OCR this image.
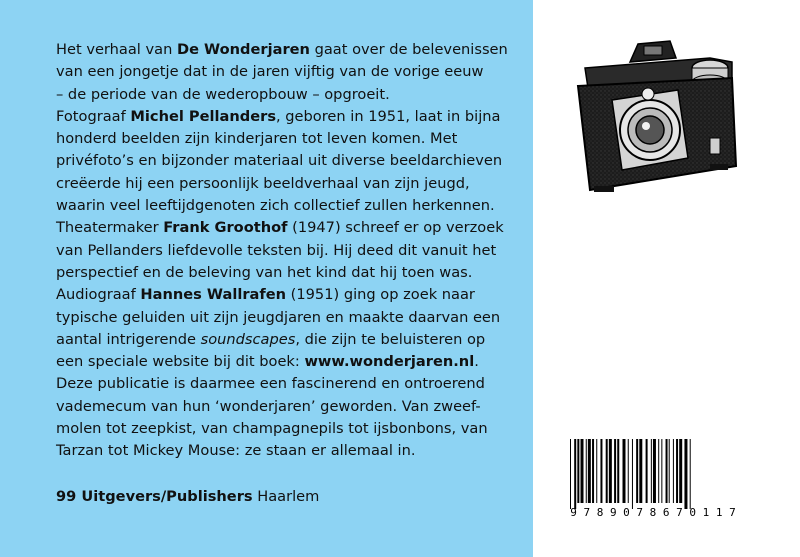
Het verhaal van De Wonderjaren gaat over de belevenissen
van een jongetje dat in de jaren vijftig van de vorige eeuw
– de periode van de wederopbouw – opgroeit.
Fotograaf Michel Pellanders, geboren in 1951, laat in bijna
honderd beelden zijn kinderjaren tot leven komen. Met
privéfoto’s en bijzonder materiaal uit diverse beeldarchieven
creëerde hij een persoonlijk beeldverhaal van zijn jeugd,
waarin veel leeftijdgenoten zich collectief zullen herkennen.
Theatermaker Frank Groothof (1947) schreef er op verzoek
van Pellanders liefdevolle teksten bij. Hij deed dit vanuit het
perspectief en de beleving van het kind dat hij toen was.
Audiograaf Hannes Wallrafen (1951) ging op zoek naar
typische geluiden uit zijn jeugdjaren en maakte daarvan een
aantal intrigerende soundscapes, die zijn te beluisteren op
een speciale website bij dit boek: www.wonderjaren.nl.
Deze publicatie is daarmee een fascinerend en ontroerend
vademecum van hun ‘wonderjaren’ geworden. Van zweef-
molen tot zeepkist, van champagnepils tot ijsbonbons, van
Tarzan tot Mickey Mouse: ze staan er allemaal in.
99 Uitgevers/Publishers Haarlem
9 7 8 9 0 7 8 6 7 0 1 1 7
